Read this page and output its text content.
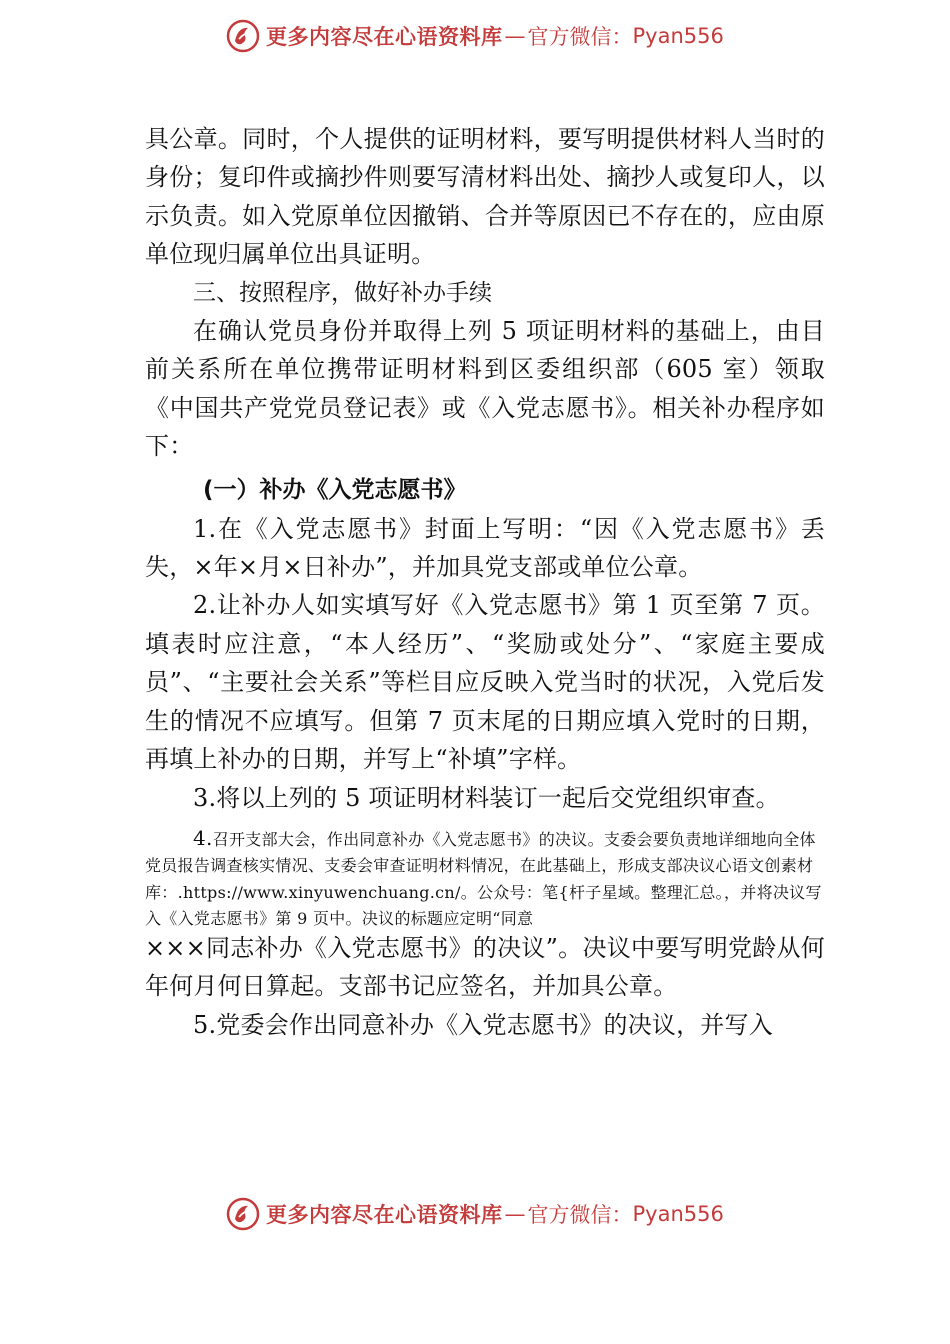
更多内容尽在心语资料库 — 官方微信： Pyan556

具公章。同时，个人提供的证明材料，要写明提供材料人当时的身份；复印件或摘抄件则要写清材料出处、摘抄人或复印人，以示负责。如入党原单位因撤销、合并等原因已不存在的，应由原单位现归属单位出具证明。

三、按照程序，做好补办手续

在确认党员身份并取得上列 5 项证明材料的基础上，由目前关系所在单位携带证明材料到区委组织部（605 室）领取《中国共产党党员登记表》或《入党志愿书》。相关补办程序如下：

(一）补办《入党志愿书》

1.在《入党志愿书》封面上写明：“因《入党志愿书》丢失，×年×月×日补办”，并加具党支部或单位公章。

2.让补办人如实填写好《入党志愿书》第 1 页至第 7 页。填表时应注意，“本人经历”、“奖励或处分”、“家庭主要成员”、“主要社会关系”等栏目应反映入党当时的状况，入党后发生的情况不应填写。但第 7 页末尾的日期应填入党时的日期，再填上补办的日期，并写上“补填”字样。

3.将以上列的 5 项证明材料装订一起后交党组织审查。

4.召开支部大会，作出同意补办《入党志愿书》的决议。支委会要负责地详细地向全体党员报告调查核实情况、支委会审查证明材料情况，在此基础上，形成支部决议心语文创素材库：.https://www.xinyuwenchuang.cn/。公众号：笔{杆子星域。整理汇总。，并将决议写入《入党志愿书》第 9 页中。决议的标题应定明“同意

×××同志补办《入党志愿书》的决议”。决议中要写明党龄从何年何月何日算起。支部书记应签名，并加具公章。

5.党委会作出同意补办《入党志愿书》的决议，并写入

更多内容尽在心语资料库 — 官方微信： Pyan556
